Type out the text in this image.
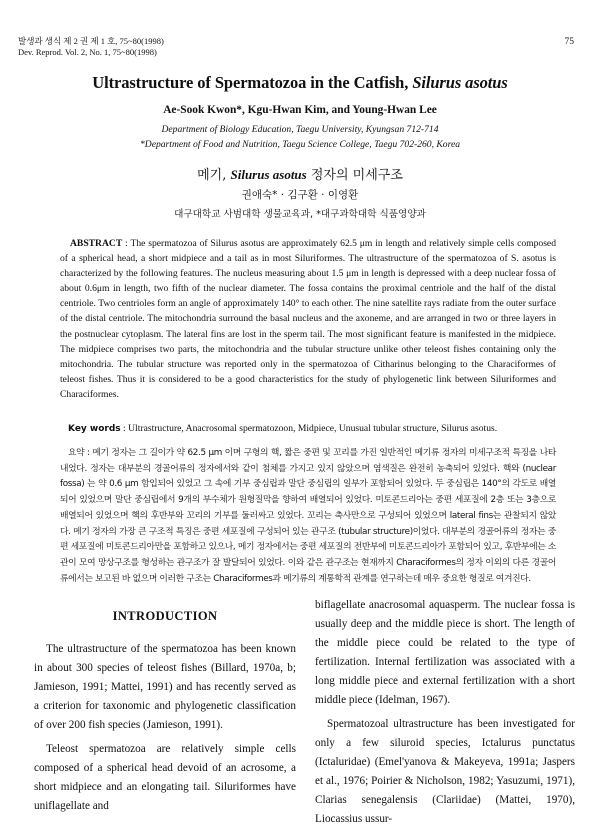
발생과 생식 제 2 권 제 1 호, 75~80(1998)
Dev. Reprod. Vol. 2, No. 1, 75~80(1998)
75
Ultrastructure of Spermatozoa in the Catfish, Silurus asotus
Ae-Sook Kwon*, Kgu-Hwan Kim, and Young-Hwan Lee
Department of Biology Education, Taegu University, Kyungsan 712-714
*Department of Food and Nutrition, Taegu Science College, Taegu 702-260, Korea
메기, Silurus asotus 정자의 미세구조
권애숙* · 김구환 · 이영환
대구대학교 사범대학 생물교육과, *대구과학대학 식품영양과
ABSTRACT : The spermatozoa of Silurus asotus are approximately 62.5 μm in length and relatively simple cells composed of a spherical head, a short midpiece and a tail as in most Siluriformes. The ultrastructure of the spermatozoa of S. asotus is characterized by the following features. The nucleus measuring about 1.5 μm in length is depressed with a deep nuclear fossa of about 0.6μm in length, two fifth of the nuclear diameter. The fossa contains the proximal centriole and the half of the distal centriole. Two centrioles form an angle of approximately 140° to each other. The nine satellite rays radiate from the outer surface of the distal centriole. The mitochondria surround the basal nucleus and the axoneme, and are arranged in two or three layers in the postnuclear cytoplasm. The lateral fins are lost in the sperm tail. The most significant feature is manifested in the midpiece. The midpiece comprises two parts, the mitochondria and the tubular structure unlike other teleost fishes containing only the mitochondria. The tubular structure was reported only in the spermatozoa of Citharinus belonging to the Characiformes of teleost fishes. Thus it is considered to be a good characteristics for the study of phylogenetic link between Siluriformes and Characiformes.
Key words : Ultrastructure, Anacrosomal spermatozoon, Midpiece, Unusual tubular structure, Silurus asotus.
요약 : 메기 정자는 그 길이가 약 62.5 μm 이며 구형의 핵, 짧은 중편 및 꼬리를 가진 일반적인 메기류 정자의 미세구조적 특징을 나타내었다. 정자는 대부분의 경골어류의 정자에서와 같이 첨체를 가지고 있지 않았으며 염색질은 완전히 농축되어 있었다. 핵와 (nuclear fossa) 는 약 0.6 μm 함입되어 있었고 그 속에 기부 중심립과 말단 중심립의 일부가 포함되어 있었다. 두 중심립은 140°의 각도로 배열되어 있었으며 말단 중심립에서 9개의 부수체가 원형질막을 향하여 배열되어 있었다. 미토콘드리아는 중편 세포질에 2층 또는 3층으로 배열되어 있었으며 핵의 후반부와 꼬리의 기부를 둘러싸고 있었다. 꼬리는 축사만으로 구성되어 있었으며 lateral fins는 관찰되지 않았다. 메기 정자의 가장 큰 구조적 특징은 중편 세포질에 구성되어 있는 관구조 (tubular structure)이었다. 대부분의 경골어류의 정자는 중편 세포질에 미토콘드리아만을 포함하고 있으나, 메기 정자에서는 중편 세포질의 전반부에 미토콘드리아가 포함되어 있고, 후반부에는 소관이 모여 망상구조를 형성하는 관구조가 잘 발달되어 있었다. 이와 같은 관구조는 현재까지 Characiformes의 정자 이외의 다른 경골어류에서는 보고된 바 없으며 이러한 구조는 Characiformes과 메기류의 계통학적 관계를 연구하는데 매우 중요한 형질로 여겨진다.
INTRODUCTION

The ultrastructure of the spermatozoa has been known in about 300 species of teleost fishes (Billard, 1970a, b; Jamieson, 1991; Mattei, 1991) and has recently served as a criterion for taxonomic and phylogenetic classification of over 200 fish species (Jamieson, 1991).

Teleost spermatozoa are relatively simple cells composed of a spherical head devoid of an acrosome, a short midpiece and an elongating tail. Siluriformes have uniflagellate and

biflagellate anacrosomal aquasperm. The nuclear fossa is usually deep and the middle piece is short. The length of the middle piece could be related to the type of fertilization. Internal fertilization was associated with a long middle piece and external fertilization with a short middle piece (Idelman, 1967).

Spermatozoal ultrastructure has been investigated for only a few siluroid species, Ictalurus punctatus (Ictaluridae) (Emel'yanova & Makeyeva, 1991a; Jaspers et al., 1976; Poirier & Nicholson, 1982; Yasuzumi, 1971), Clarias senegalensis (Clariidae) (Mattei, 1970), Liocassius ussur-
